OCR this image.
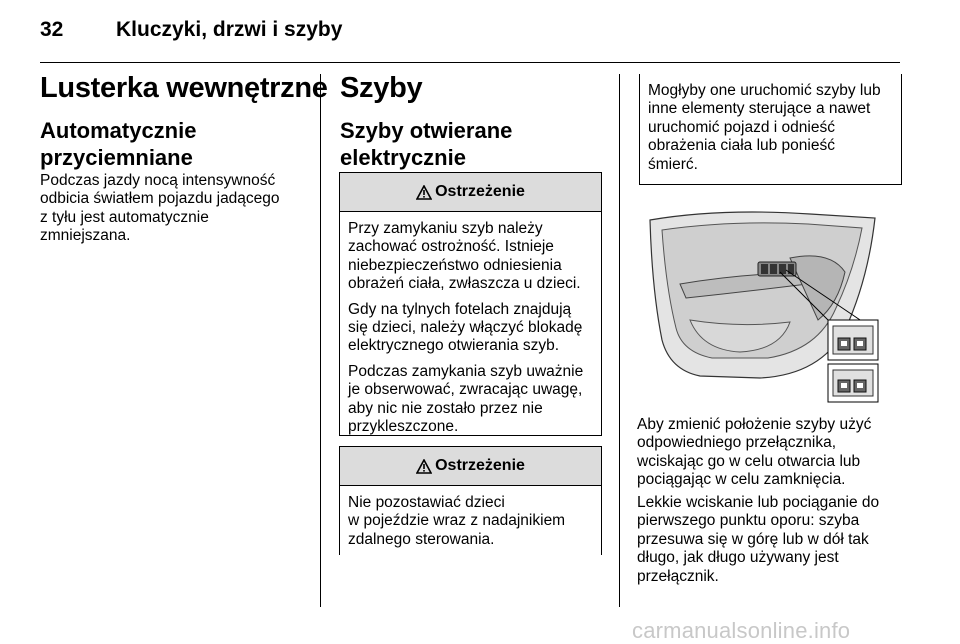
32	Kluczyki, drzwi i szyby
Lusterka wewnętrzne
Automatycznie
przyciemniane
Podczas jazdy nocą intensywność
odbicia światłem pojazdu jadącego
z tyłu jest automatycznie
zmniejszana.
Szyby
Szyby otwierane
elektrycznie
Ostrzeżenie

Przy zamykaniu szyb należy
zachować ostrożność. Istnieje
niebezpieczeństwo odniesienia
obrażeń ciała, zwłaszcza u dzieci.

Gdy na tylnych fotelach znajdują
się dzieci, należy włączyć blokadę
elektrycznego otwierania szyb.

Podczas zamykania szyb uważnie
je obserwować, zwracając uwagę,
aby nic nie zostało przez nie
przykleszczone.

Ostrzeżenie

Nie pozostawiać dzieci
w pojeździe wraz z nadajnikiem
zdalnego sterowania.

Mogłyby one uruchomić szyby lub
inne elementy sterujące a nawet
uruchomić pojazd i odnieść
obrażenia ciała lub ponieść
śmierć.
Aby zmienić położenie szyby użyć
odpowiedniego przełącznika,
wciskając go w celu otwarcia lub
pociągając w celu zamknięcia.
Lekkie wciskanie lub pociąganie do
pierwszego punktu oporu: szyba
przesuwa się w górę lub w dół tak
długo, jak długo używany jest
przełącznik.
carmanualsonline.info
